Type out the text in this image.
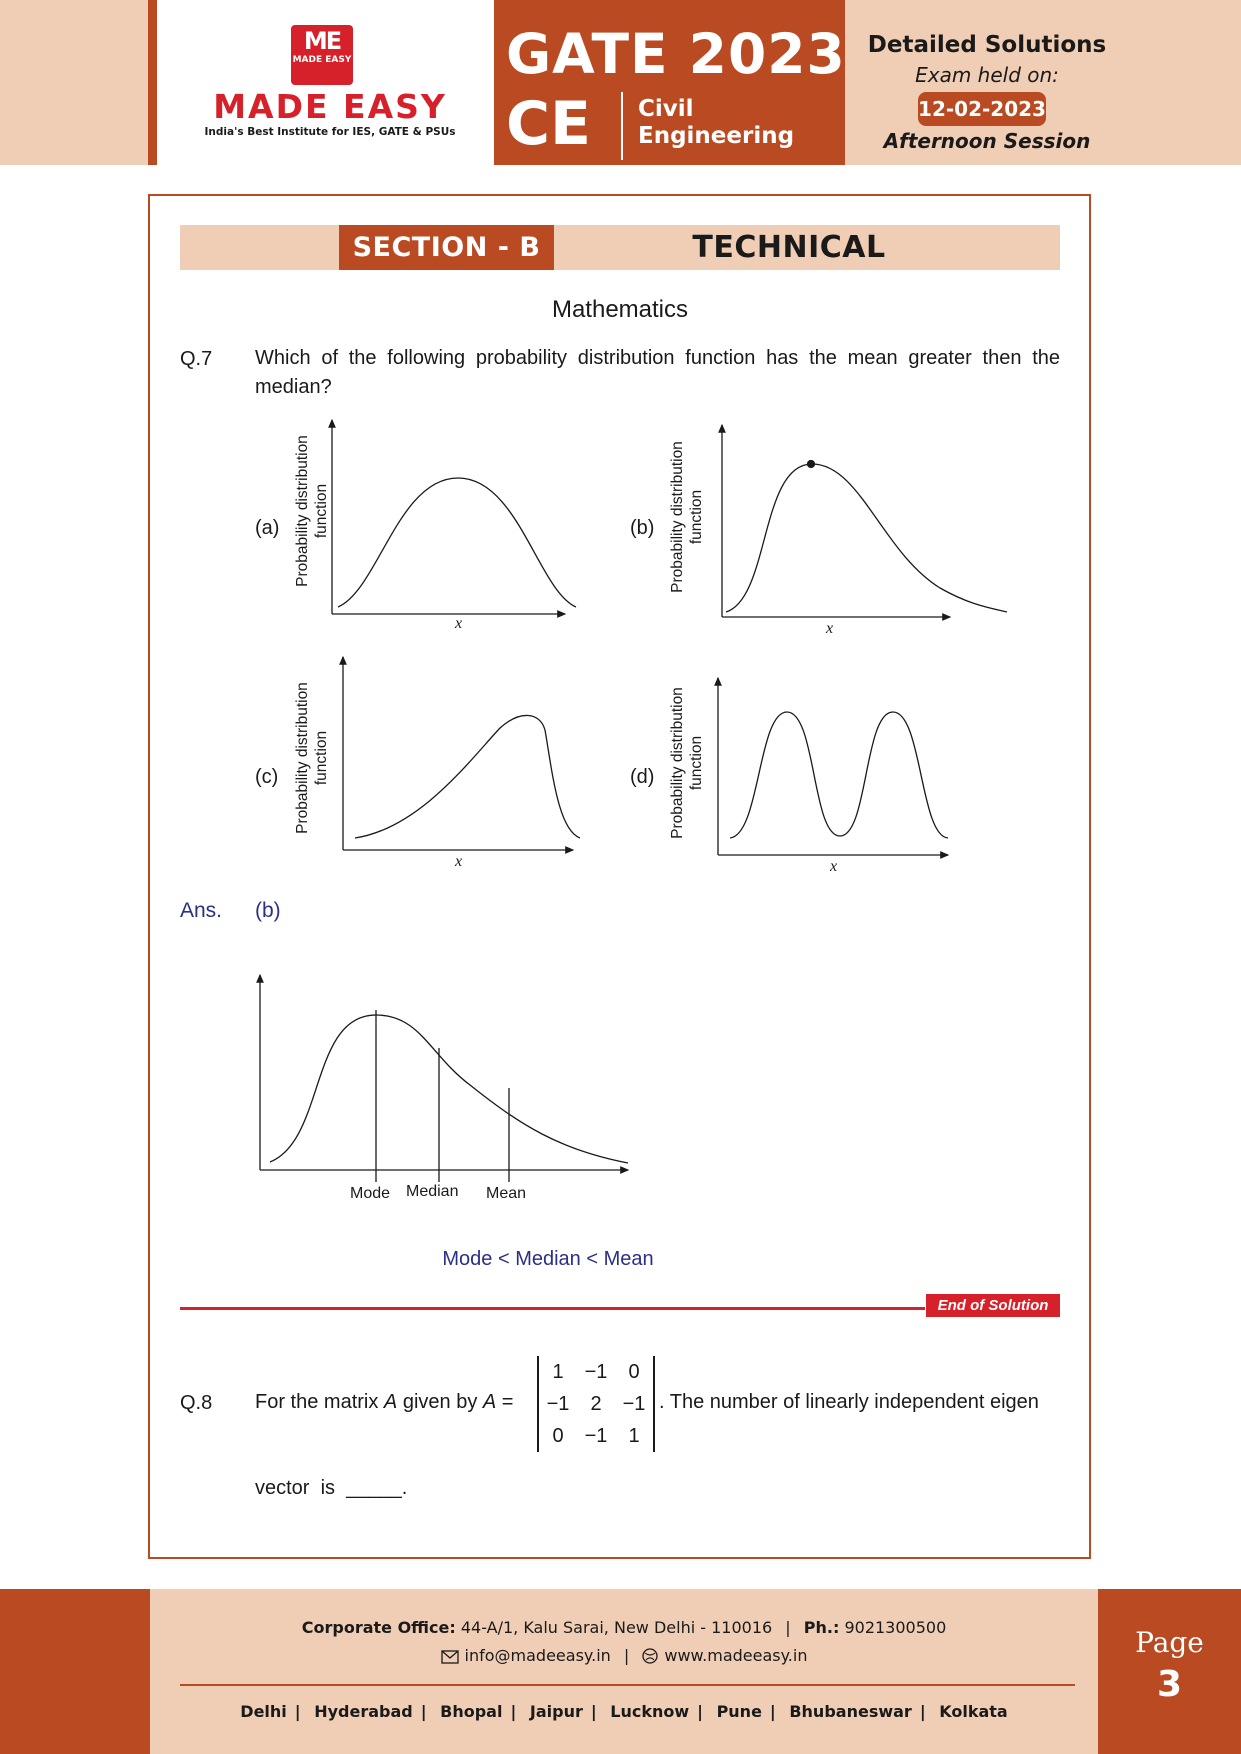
ME
MADE EASY
MADE EASY
India's Best Institute for IES, GATE & PSUs
GATE 2023
CE Civil
Engineering
Detailed Solutions
Exam held on:
12-02-2023
Afternoon Session
SECTION - B	TECHNICAL
Mathematics
Q.7 Which of the following probability distribution function has the mean greater then the median?
(a)	(b)
(c)	(d)
Probability distribution function	Probability distribution function
Probability distribution function	Probability distribution function
x	x
x	x
Ans. (b)
Mode Median Mean
Mode < Median < Mean
End of Solution
Q.8 For the matrix A given by A =
1	−1	0
−1	2	−1
0	−1	1
. The number of linearly independent eigen
vector  is  _____.
Corporate Office: 44-A/1, Kalu Sarai, New Delhi - 110016 | Ph.: 9021300500
info@madeeasy.in | www.madeeasy.in
Delhi | Hyderabad | Bhopal | Jaipur | Lucknow | Pune | Bhubaneswar | Kolkata
Page
3
